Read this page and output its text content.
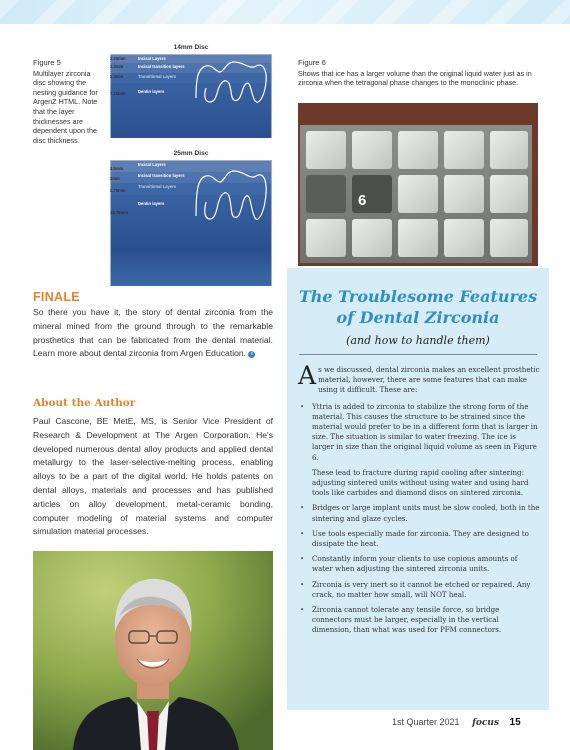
Figure 5
Multilayer zirconia disc showing the nesting guidance for ArgenZ HTML. Note that the layer thicknesses are dependent upon the disc thickness.
14mm Disc
Incisal Layers
Incisal transition layers
Transitional Layers
Dentin layers
2.25mm
2.2mm
2.4mm
7.15mm
25mm Disc
Incisal Layers
Incisal transition layers
Transitional Layers
Dentin layers
3.5mm
3mm
2.75mm
15.75mm
Figure 6
Shows that ice has a larger volume than the original liquid water just as in zirconia when the tetragonal phase changes to the monoclinic phase.
6
FINALE
So there you have it, the story of dental zirconia from the mineral mined from the ground through to the remarkable prosthetics that can be fabricated from the dental material. Learn more about dental zirconia from Argen Education. i
About the Author
Paul Cascone, BE MetE, MS, is Senior Vice President of Research & Development at The Argen Corporation. He's developed numerous dental alloy products and applied dental metallurgy to the laser-selective-melting process, enabling alloys to be a part of the digital world. He holds patents on dental alloys, materials and processes and has published articles on alloy development, metal-ceramic bonding, computer modeling of material systems and computer simulation material processes.
The Troublesome Features
of Dental Zirconia
(and how to handle them)
A s we discussed, dental zirconia makes an excellent prosthetic material, however, there are some features that can make using it difficult. These are:
• Yttria is added to zirconia to stabilize the strong form of the material. This causes the structure to be strained since the material would prefer to be in a different form that is larger in size. The situation is similar to water freezing. The ice is larger in size than the original liquid volume as seen in Figure 6.
These lead to fracture during rapid cooling after sintering: adjusting sintered units without using water and using hard tools like carbides and diamond discs on sintered zirconia.
• Bridges or large implant units must be slow cooled, both in the sintering and glaze cycles.
• Use tools especially made for zirconia. They are designed to dissipate the heat.
• Constantly inform your clients to use copious amounts of water when adjusting the sintered zirconia units.
• Zirconia is very inert so it cannot be etched or repaired. Any crack, no matter how small, will NOT heal.
• Zirconia cannot tolerate any tensile force, so bridge connectors must be larger, especially in the vertical dimension, than what was used for PFM connectors.
1st Quarter 2021 focus 15
